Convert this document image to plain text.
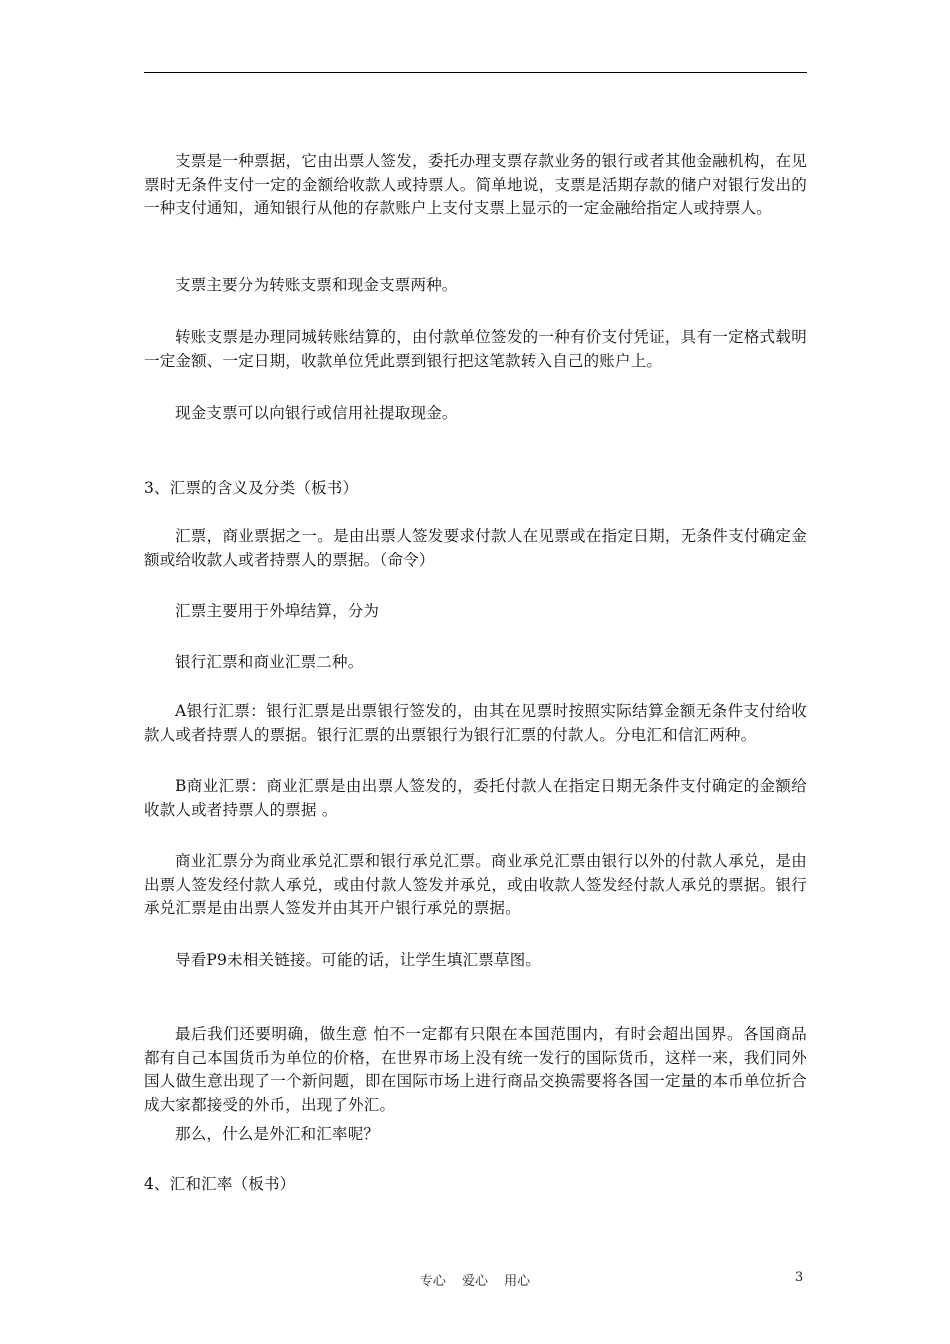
支票是一种票据，它由出票人签发，委托办理支票存款业务的银行或者其他金融机构，在见票时无条件支付一定的金额给收款人或持票人。简单地说，支票是活期存款的储户对银行发出的一种支付通知，通知银行从他的存款账户上支付支票上显示的一定金融给指定人或持票人。

支票主要分为转账支票和现金支票两种。

转账支票是办理同城转账结算的，由付款单位签发的一种有价支付凭证，具有一定格式载明一定金额、一定日期，收款单位凭此票到银行把这笔款转入自己的账户上。

现金支票可以向银行或信用社提取现金。

3、汇票的含义及分类（板书）

汇票，商业票据之一。是由出票人签发要求付款人在见票或在指定日期，无条件支付确定金额或给收款人或者持票人的票据。（命令）

汇票主要用于外埠结算，分为

银行汇票和商业汇票二种。

A银行汇票：银行汇票是出票银行签发的，由其在见票时按照实际结算金额无条件支付给收款人或者持票人的票据。银行汇票的出票银行为银行汇票的付款人。分电汇和信汇两种。

B商业汇票：商业汇票是由出票人签发的，委托付款人在指定日期无条件支付确定的金额给收款人或者持票人的票据 。

商业汇票分为商业承兑汇票和银行承兑汇票。商业承兑汇票由银行以外的付款人承兑，是由出票人签发经付款人承兑，或由付款人签发并承兑，或由收款人签发经付款人承兑的票据。银行承兑汇票是由出票人签发并由其开户银行承兑的票据。

导看P9未相关链接。可能的话，让学生填汇票草图。

最后我们还要明确，做生意 怕不一定都有只限在本国范围内，有时会超出国界。各国商品都有自己本国货币为单位的价格，在世界市场上没有统一发行的国际货币，这样一来，我们同外国人做生意出现了一个新问题，即在国际市场上进行商品交换需要将各国一定量的本币单位折合成大家都接受的外币，出现了外汇。

那么，什么是外汇和汇率呢？

4、汇和汇率（板书）

专心 爱心 用心	3
